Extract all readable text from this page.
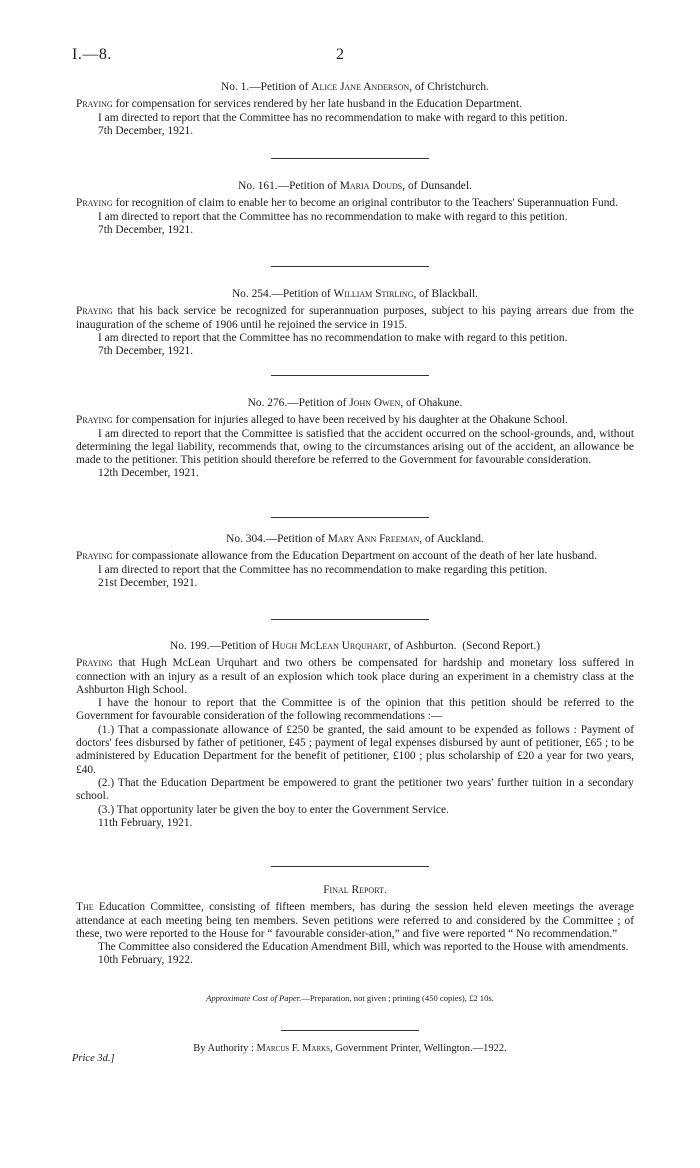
I.—8.	2
No. 1.—Petition of Alice Jane Anderson, of Christchurch.

Praying for compensation for services rendered by her late husband in the Education Department.

I am directed to report that the Committee has no recommendation to make with regard to this petition.

7th December, 1921.

No. 161.—Petition of Maria Douds, of Dunsandel.

Praying for recognition of claim to enable her to become an original contributor to the Teachers' Superannuation Fund.

I am directed to report that the Committee has no recommendation to make with regard to this petition.

7th December, 1921.

No. 254.—Petition of William Stirling, of Blackball.

Praying that his back service be recognized for superannuation purposes, subject to his paying arrears due from the inauguration of the scheme of 1906 until he rejoined the service in 1915.

I am directed to report that the Committee has no recommendation to make with regard to this petition.

7th December, 1921.

No. 276.—Petition of John Owen, of Ohakune.

Praying for compensation for injuries alleged to have been received by his daughter at the Ohakune School.

I am directed to report that the Committee is satisfied that the accident occurred on the school-grounds, and, without determining the legal liability, recommends that, owing to the circumstances arising out of the accident, an allowance be made to the petitioner. This petition should therefore be referred to the Government for favourable consideration.

12th December, 1921.

No. 304.—Petition of Mary Ann Freeman, of Auckland.

Praying for compassionate allowance from the Education Department on account of the death of her late husband.

I am directed to report that the Committee has no recommendation to make regarding this petition.

21st December, 1921.

No. 199.—Petition of Hugh McLean Urquhart, of Ashburton. (Second Report.)

Praying that Hugh McLean Urquhart and two others be compensated for hardship and monetary loss suffered in connection with an injury as a result of an explosion which took place during an experiment in a chemistry class at the Ashburton High School.

I have the honour to report that the Committee is of the opinion that this petition should be referred to the Government for favourable consideration of the following recommendations :—

(1.) That a compassionate allowance of £250 be granted, the said amount to be expended as follows : Payment of doctors' fees disbursed by father of petitioner, £45 ; payment of legal expenses disbursed by aunt of petitioner, £65 ; to be administered by Education Department for the benefit of petitioner, £100 ; plus scholarship of £20 a year for two years, £40.

(2.) That the Education Department be empowered to grant the petitioner two years' further tuition in a secondary school.

(3.) That opportunity later be given the boy to enter the Government Service.

11th February, 1921.

Final Report.

The Education Committee, consisting of fifteen members, has during the session held eleven meetings the average attendance at each meeting being ten members. Seven petitions were referred to and considered by the Committee ; of these, two were reported to the House for “ favourable consider-ation,” and five were reported “ No recommendation.”

The Committee also considered the Education Amendment Bill, which was reported to the House with amendments.

10th February, 1922.

Approximate Cost of Paper.—Preparation, not given ; printing (450 copies), £2 10s.
By Authority : Marcus F. Marks, Government Printer, Wellington.—1922.
Price 3d.]
